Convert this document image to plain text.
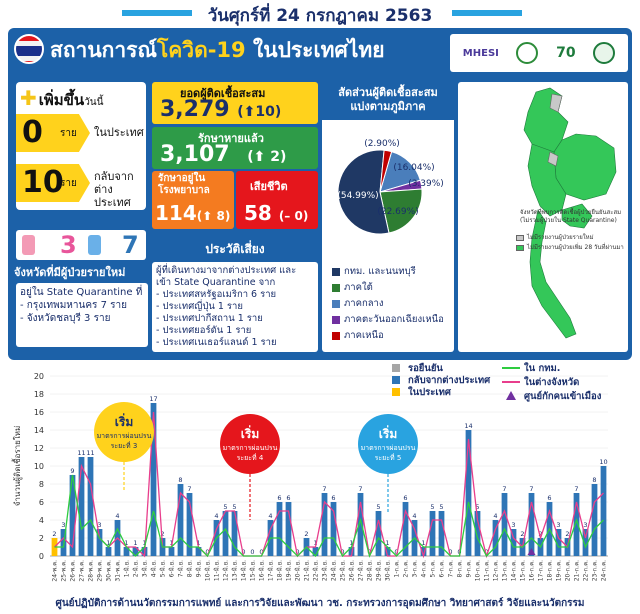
วันศุกร์ที่ 24 กรกฎาคม 2563
สถานการณ์โควิด-19 ในประเทศไทย	MHESI	70
✚ เพิ่มขึ้นวันนี้
0 ราย ในประเทศ
10
ราย
กลับจาก
ต่างประเทศ
3 7
จังหวัดที่มีผู้ป่วยรายใหม่
อยู่ใน State Quarantine ที่
- กรุงเทพมหานคร 7 ราย
- จังหวัดชลบุรี 3 ราย
ยอดผู้ติดเชื้อสะสม
3,279 (⬆10)
รักษาหายแล้ว
3,107 (⬆ 2)
รักษาอยู่ใน
โรงพยาบาล
114(⬆ 8)
เสียชีวิต
58 (– 0)
ประวัติเสี่ยง
ผู้ที่เดินทางมาจากต่างประเทศ และ
เข้า State Quarantine จาก
- ประเทศสหรัฐอเมริกา 6 ราย
- ประเทศญี่ปุ่น 1 ราย
- ประเทศปากีสถาน 1 ราย
- ประเทศยอร์ดัน 1 ราย
- ประเทศเนเธอร์แลนด์ 1 ราย
สัดส่วนผู้ติดเชื้อสะสม
แบ่งตามภูมิภาค
(16.04%)
(3.39%)
(22.69%)
(54.99%)
(2.90%)
กทม. และนนทบุรี
ภาคใต้
ภาคกลาง
ภาคตะวันออกเฉียงเหนือ
ภาคเหนือ
จังหวัดที่พบการติดเชื้อผู้ป่วยยืนยันสะสม
(ไม่รวมผู้ป่วยใน State Quarantine)
ไม่มีรายงานผู้ป่วยรายใหม่
ไม่มีรายงานผู้ป่วยเพิ่ม 28 วันที่ผ่านมา
0
2
4
6
8
10
12
14
16
18
20
จำนวนผู้ติดเชื้อรายใหม่
2
24-พ.ค.
3
25-พ.ค.
9
26-พ.ค.
11
27-พ.ค.
11
28-พ.ค.
3
29-พ.ค.
1
30-พ.ค.
4
31-พ.ค.
1
1-มิ.ย.
1
2-มิ.ย.
1
3-มิ.ย.
17
4-มิ.ย.
2
5-มิ.ย.
1
6-มิ.ย.
8
7-มิ.ย.
7
8-มิ.ย.
1
9-มิ.ย.
0
10-มิ.ย.
4
11-มิ.ย.
5
12-มิ.ย.
5
13-มิ.ย.
0
14-มิ.ย.
0
15-มิ.ย.
0
16-มิ.ย.
4
17-มิ.ย.
6
18-มิ.ย.
6
19-มิ.ย.
0
20-มิ.ย.
2
21-มิ.ย.
1
22-มิ.ย.
7
23-มิ.ย.
6
24-มิ.ย.
0
25-มิ.ย.
1
26-มิ.ย.
7
27-มิ.ย.
0
28-มิ.ย.
5
29-มิ.ย.
1
30-มิ.ย.
0
1-ก.ค.
6
2-ก.ค.
4
3-ก.ค.
1
4-ก.ค.
5
5-ก.ค.
5
6-ก.ค.
0
7-ก.ค.
0
8-ก.ค.
14
9-ก.ค.
5
10-ก.ค.
0
11-ก.ค.
4
12-ก.ค.
7
13-ก.ค.
3
14-ก.ค.
2
15-ก.ค.
7
16-ก.ค.
2
17-ก.ค.
6
18-ก.ค.
3
19-ก.ค.
2
20-ก.ค.
7
21-ก.ค.
3
22-ก.ค.
8
23-ก.ค.
10
24-ก.ค.
รอยืนยัน
กลับจากต่างประเทศ
ในประเทศ
ใน กทม.
ในต่างจังหวัด
ศูนย์กักคนเข้าเมือง
เริ่ม
มาตรการผ่อนปรน
ระยะที่ 3
เริ่ม
มาตรการผ่อนปรน
ระยะที่ 4
เริ่ม
มาตรการผ่อนปรน
ระยะที่ 5
ศูนย์ปฏิบัติการด้านนวัตกรรมการแพทย์ และการวิจัยและพัฒนา วช. กระทรวงการอุดมศึกษา วิทยาศาสตร์ วิจัยและนวัตกรรม
